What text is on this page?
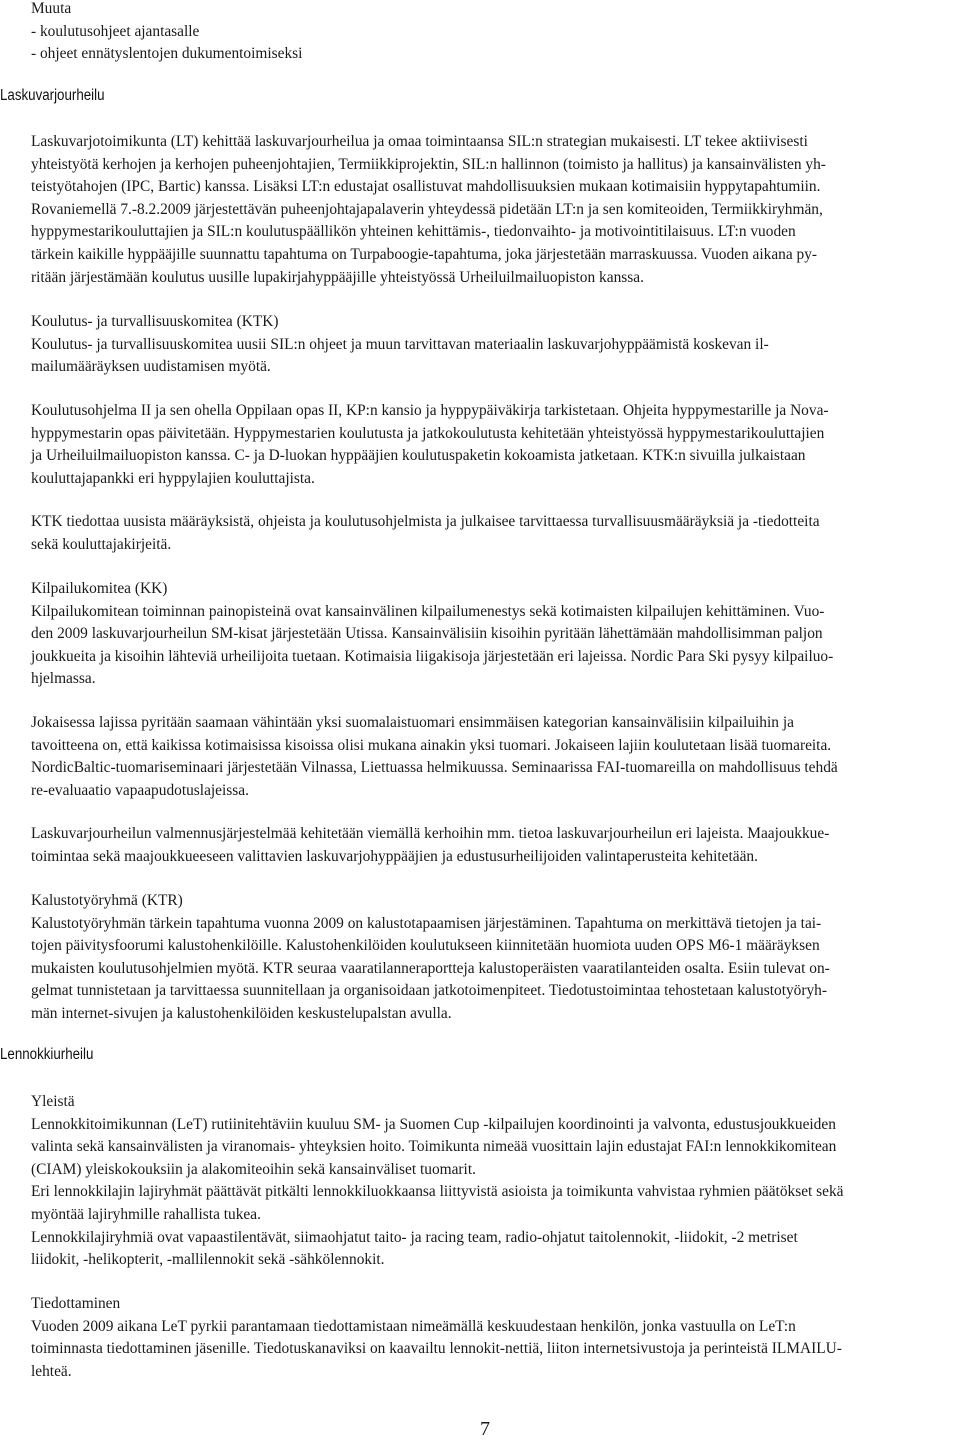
Muuta
- koulutusohjeet ajantasalle
- ohjeet ennätyslentojen dukumentoimiseksi
Laskuvarjourheilu
Laskuvarjotoimikunta (LT) kehittää laskuvarjourheilua ja omaa toimintaansa SIL:n strategian mukaisesti. LT tekee aktiivisesti
yhteistyötä kerhojen ja kerhojen puheenjohtajien, Termiikkiprojektin, SIL:n hallinnon (toimisto ja hallitus) ja kansainvälisten yh-
teistyötahojen (IPC, Bartic) kanssa. Lisäksi LT:n edustajat osallistuvat mahdollisuuksien mukaan kotimaisiin hyppytapahtumiin.
Rovaniemellä 7.-8.2.2009 järjestettävän puheenjohtajapalaverin yhteydessä pidetään LT:n ja sen komiteoiden, Termiikkiryhmän,
hyppymestarikouluttajien ja SIL:n koulutuspäällikön yhteinen kehittämis-, tiedonvaihto- ja motivointitilaisuus. LT:n vuoden
tärkein kaikille hyppääjille suunnattu tapahtuma on Turpaboogie-tapahtuma, joka järjestetään marraskuussa. Vuoden aikana py-
ritään järjestämään koulutus uusille lupakirjahyppääjille yhteistyössä Urheiluilmailuopiston kanssa.
Koulutus- ja turvallisuuskomitea (KTK)
Koulutus- ja turvallisuuskomitea uusii SIL:n ohjeet ja muun tarvittavan materiaalin laskuvarjohyppäämistä koskevan il-
mailumääräyksen uudistamisen myötä.
Koulutusohjelma II ja sen ohella Oppilaan opas II, KP:n kansio ja hyppypäiväkirja tarkistetaan. Ohjeita hyppymestarille ja Nova-
hyppymestarin opas päivitetään. Hyppymestarien koulutusta ja jatkokoulutusta kehitetään yhteistyössä hyppymestarikouluttajien
ja Urheiluilmailuopiston kanssa. C- ja D-luokan hyppääjien koulutuspaketin kokoamista jatketaan. KTK:n sivuilla julkaistaan
kouluttajapankki eri hyppylajien kouluttajista.
KTK tiedottaa uusista määräyksistä, ohjeista ja koulutusohjelmista ja julkaisee tarvittaessa turvallisuusmääräyksiä ja -tiedotteita
sekä kouluttajakirjeitä.
Kilpailukomitea (KK)
Kilpailukomitean toiminnan painopisteinä ovat kansainvälinen kilpailumenestys sekä kotimaisten kilpailujen kehittäminen. Vuo-
den 2009 laskuvarjourheilun SM-kisat järjestetään Utissa. Kansainvälisiin kisoihin pyritään lähettämään mahdollisimman paljon
joukkueita ja kisoihin lähteviä urheilijoita tuetaan. Kotimaisia liigakisoja järjestetään eri lajeissa. Nordic Para Ski pysyy kilpailuo-
hjelmassa.
Jokaisessa lajissa pyritään saamaan vähintään yksi suomalaistuomari ensimmäisen kategorian kansainvälisiin kilpailuihin ja
tavoitteena on, että kaikissa kotimaisissa kisoissa olisi mukana ainakin yksi tuomari. Jokaiseen lajiin koulutetaan lisää tuomareita.
NordicBaltic-tuomariseminaari järjestetään Vilnassa, Liettuassa helmikuussa. Seminaarissa FAI-tuomareilla on mahdollisuus tehdä
re-evaluaatio vapaapudotuslajeissa.
Laskuvarjourheilun valmennusjärjestelmää kehitetään viemällä kerhoihin mm. tietoa laskuvarjourheilun eri lajeista. Maajoukkue-
toimintaa sekä maajoukkueeseen valittavien laskuvarjohyppääjien ja edustusurheilijoiden valintaperusteita kehitetään.
Kalustotyöryhmä (KTR)
Kalustotyöryhmän tärkein tapahtuma vuonna 2009 on kalustotapaamisen järjestäminen. Tapahtuma on merkittävä tietojen ja tai-
tojen päivitysfoorumi kalustohenkilöille. Kalustohenkilöiden koulutukseen kiinnitetään huomiota uuden OPS M6-1 määräyksen
mukaisten koulutusohjelmien myötä. KTR seuraa vaaratilanneraportteja kalustoperäisten vaaratilanteiden osalta. Esiin tulevat on-
gelmat tunnistetaan ja tarvittaessa suunnitellaan ja organisoidaan jatkotoimenpiteet. Tiedotustoimintaa tehostetaan kalustotyöryh-
män internet-sivujen ja kalustohenkilöiden keskustelupalstan avulla.
Lennokkiurheilu
Yleistä
Lennokkitoimikunnan (LeT) rutiinitehtäviin kuuluu SM- ja Suomen Cup -kilpailujen koordinointi ja valvonta, edustusjoukkueiden
valinta sekä kansainvälisten ja viranomais- yhteyksien hoito. Toimikunta nimeää vuosittain lajin edustajat FAI:n lennokkikomitean
(CIAM) yleiskokouksiin ja alakomiteoihin sekä kansainväliset tuomarit.
Eri lennokkilajin lajiryhmät päättävät pitkälti lennokkiluokkaansa liittyvistä asioista ja toimikunta vahvistaa ryhmien päätökset sekä
myöntää lajiryhmille rahallista tukea.
Lennokkilajiryhmiä ovat vapaastilentävät, siimaohjatut taito- ja racing team, radio-ohjatut taitolennokit, -liidokit, -2 metriset
liidokit, -helikopterit, -mallilennokit sekä -sähkölennokit.
Tiedottaminen
Vuoden 2009 aikana LeT pyrkii parantamaan tiedottamistaan nimeämällä keskuudestaan henkilön, jonka vastuulla on LeT:n
toiminnasta tiedottaminen jäsenille. Tiedotuskanaviksi on kaavailtu lennokit-nettiä, liiton internetsivustoja ja perinteistä ILMAILU-
lehteä.
7
